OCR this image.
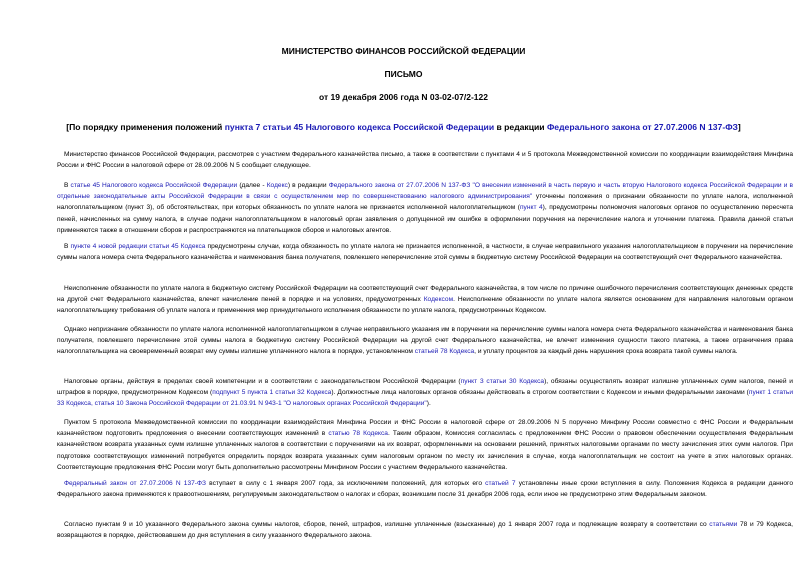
МИНИСТЕРСТВО ФИНАНСОВ РОССИЙСКОЙ ФЕДЕРАЦИИ
ПИСЬМО
от 19 декабря 2006 года N 03-02-07/2-122
[По порядку применения положений пункта 7 статьи 45 Налогового кодекса Российской Федерации в редакции Федерального закона от 27.07.2006 N 137-ФЗ]

Министерство финансов Российской Федерации, рассмотрев с участием Федерального казначейства письмо, а также в соответствии с пунктами 4 и 5 протокола Межведомственной комиссии по координации взаимодействия Минфина России и ФНС России в налоговой сфере от 28.09.2006 N 5 сообщает следующее.

В статье 45 Налогового кодекса Российской Федерации (далее - Кодекс) в редакции Федерального закона от 27.07.2006 N 137-ФЗ "О внесении изменений в часть первую и часть вторую Налогового кодекса Российской Федерации и в отдельные законодательные акты Российской Федерации в связи с осуществлением мер по совершенствованию налогового администрирования" уточнены положения о признании обязанности по уплате налога, исполненной налогоплательщиком (пункт 3), об обстоятельствах, при которых обязанность по уплате налога не признается исполненной налогоплательщиком (пункт 4), предусмотрены полномочия налоговых органов по осуществлению пересчета пеней, начисленных на сумму налога, в случае подачи налогоплательщиком в налоговый орган заявления о допущенной им ошибке в оформлении поручения на перечисление налога и уточнении платежа. Правила данной статьи применяются также в отношении сборов и распространяются на плательщиков сборов и налоговых агентов.

В пункте 4 новой редакции статьи 45 Кодекса предусмотрены случаи, когда обязанность по уплате налога не признается исполненной, в частности, в случае неправильного указания налогоплательщиком в поручении на перечисление суммы налога номера счета Федерального казначейства и наименования банка получателя, повлекшего неперечисление этой суммы в бюджетную систему Российской Федерации на соответствующий счет Федерального казначейства.

Неисполнение обязанности по уплате налога в бюджетную систему Российской Федерации на соответствующий счет Федерального казначейства, в том числе по причине ошибочного перечисления соответствующих денежных средств на другой счет Федерального казначейства, влечет начисление пеней в порядке и на условиях, предусмотренных Кодексом. Неисполнение обязанности по уплате налога является основанием для направления налоговым органом налогоплательщику требования об уплате налога и применения мер принудительного исполнения обязанности по уплате налога, предусмотренных Кодексом.

Однако непризнание обязанности по уплате налога исполненной налогоплательщиком в случае неправильного указания им в поручении на перечисление суммы налога номера счета Федерального казначейства и наименования банка получателя, повлекшего перечисление этой суммы налога в бюджетную систему Российской Федерации на другой счет Федерального казначейства, не влечет изменения сущности такого платежа, а также ограничения права налогоплательщика на своевременный возврат ему суммы излишне уплаченного налога в порядке, установленном статьей 78 Кодекса, и уплату процентов за каждый день нарушения срока возврата такой суммы налога.

Налоговые органы, действуя в пределах своей компетенции и в соответствии с законодательством Российской Федерации (пункт 3 статьи 30 Кодекса), обязаны осуществлять возврат излишне уплаченных сумм налогов, пеней и штрафов в порядке, предусмотренном Кодексом (подпункт 5 пункта 1 статьи 32 Кодекса). Должностные лица налоговых органов обязаны действовать в строгом соответствии с Кодексом и иными федеральными законами (пункт 1 статьи 33 Кодекса, статья 10 Закона Российской Федерации от 21.03.91 N 943-1 "О налоговых органах Российской Федерации").

Пунктом 5 протокола Межведомственной комиссии по координации взаимодействия Минфина России и ФНС России в налоговой сфере от 28.09.2006 N 5 поручено Минфину России совместно с ФНС России и Федеральным казначейством подготовить предложения о внесении соответствующих изменений в статью 78 Кодекса. Таким образом, Комиссия согласилась с предложением ФНС России о правовом обеспечении осуществления Федеральным казначейством возврата указанных сумм излишне уплаченных налогов в соответствии с поручениями на их возврат, оформленными на основании решений, принятых налоговыми органами по месту зачисления этих сумм налогов. При подготовке соответствующих изменений потребуется определить порядок возврата указанных сумм налоговым органом по месту их зачисления в случае, когда налогоплательщик не состоит на учете в этих налоговых органах. Соответствующие предложения ФНС России могут быть дополнительно рассмотрены Минфином России с участием Федерального казначейства.

Федеральный закон от 27.07.2006 N 137-ФЗ вступает в силу с 1 января 2007 года, за исключением положений, для которых его статьей 7 установлены иные сроки вступления в силу. Положения Кодекса в редакции данного Федерального закона применяются к правоотношениям, регулируемым законодательством о налогах и сборах, возникшим после 31 декабря 2006 года, если иное не предусмотрено этим Федеральным законом.

Согласно пунктам 9 и 10 указанного Федерального закона суммы налогов, сборов, пеней, штрафов, излишне уплаченные (взысканные) до 1 января 2007 года и подлежащие возврату в соответствии со статьями 78 и 79 Кодекса, возвращаются в порядке, действовавшем до дня вступления в силу указанного Федерального закона.
